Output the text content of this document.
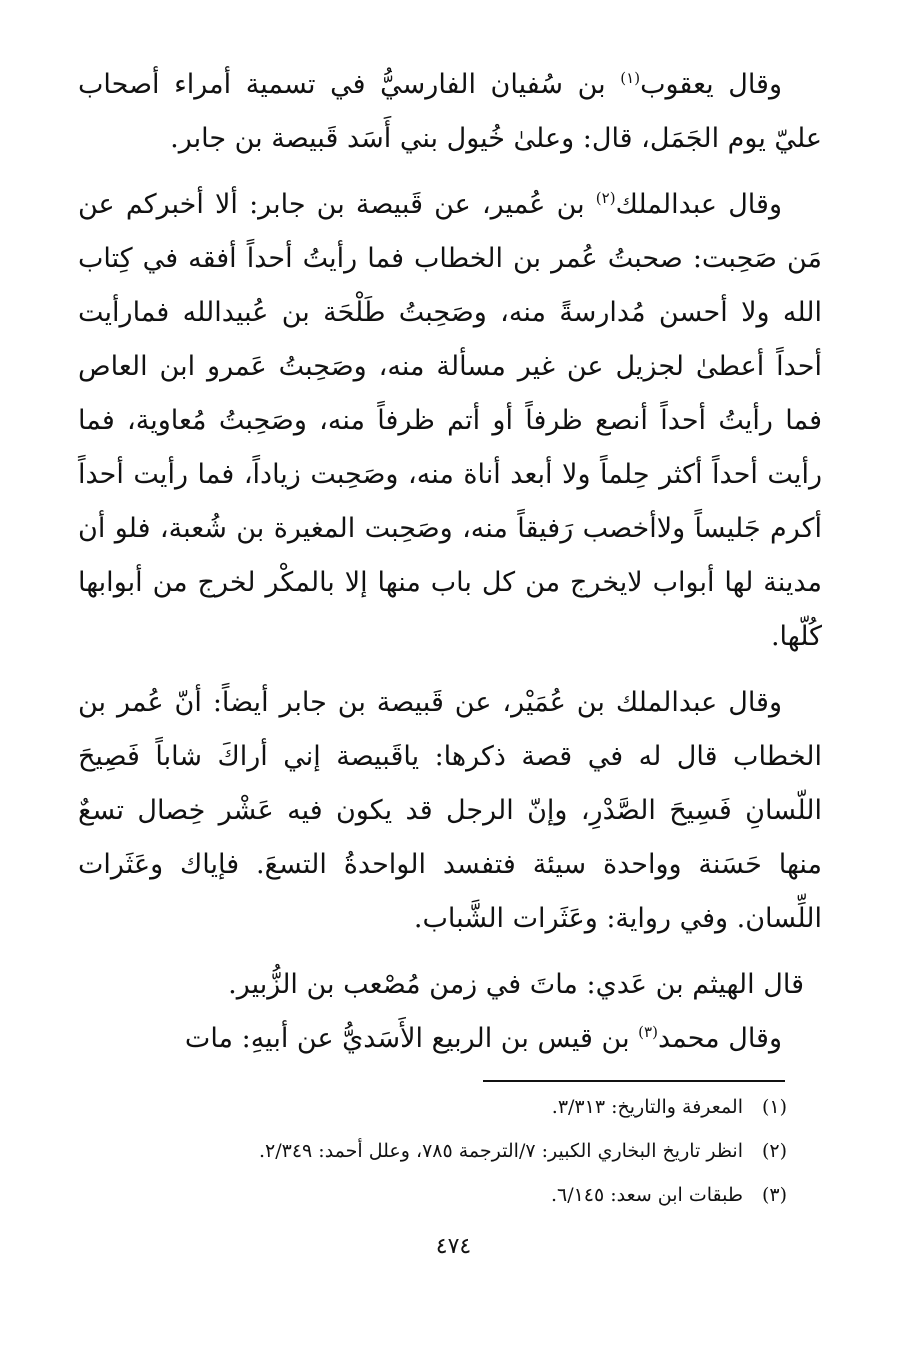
وقال يعقوب$^{(١)}$ بن سُفيان الفارسيُّ في تسمية أمراء أصحاب عليّ يوم الجَمَل، قال: وعلىٰ خُيول بني أَسَد قَبيصة بن جابر.

وقال عبدالملك$^{(٢)}$ بن عُمير، عن قَبيصة بن جابر: ألا أخبركم عن مَن صَحِبت: صحبتُ عُمر بن الخطاب فما رأيتُ أحداً أفقه في كِتاب الله ولا أحسن مُدارسةً منه، وصَحِبتُ طَلْحَة بن عُبيدالله فمارأيت أحداً أعطىٰ لجزيل عن غير مسألة منه، وصَحِبتُ عَمرو ابن العاص فما رأيتُ أحداً أنصع ظرفاً أو أتم ظرفاً منه، وصَحِبتُ مُعاوية، فما رأيت أحداً أكثر حِلماً ولا أبعد أناة منه، وصَحِبت زياداً، فما رأيت أحداً أكرم جَليساً ولاأخصب رَفيقاً منه، وصَحِبت المغيرة بن شُعبة، فلو أن مدينة لها أبواب لايخرج من كل باب منها إلا بالمكْر لخرج من أبوابها كُلّها.

وقال عبدالملك بن عُمَيْر، عن قَبيصة بن جابر أيضاً: أنّ عُمر بن الخطاب قال له في قصة ذكرها: ياقَبيصة إني أراكَ شاباً فَصِيحَ اللّسانِ فَسِيحَ الصَّدْرِ، وإنّ الرجل قد يكون فيه عَشْر خِصال تسعٌ منها حَسَنة وواحدة سيئة فتفسد الواحدةُ التسعَ. فإياك وعَثَرات اللِّسان. وفي رواية: وعَثَرات الشَّباب.

قال الهيثم بن عَدي: ماتَ في زمن مُصْعب بن الزُّبير.

وقال محمد$^{(٣)}$ بن قيس بن الربيع الأَسَديُّ عن أبيهِ: مات

(١)
المعرفة والتاريخ: ٣/٣١٣.
(٢)
انظر تاريخ البخاري الكبير: ٧/الترجمة ٧٨٥، وعلل أحمد: ٢/٣٤٩.
(٣)
طبقات ابن سعد: ٦/١٤٥.
٤٧٤
